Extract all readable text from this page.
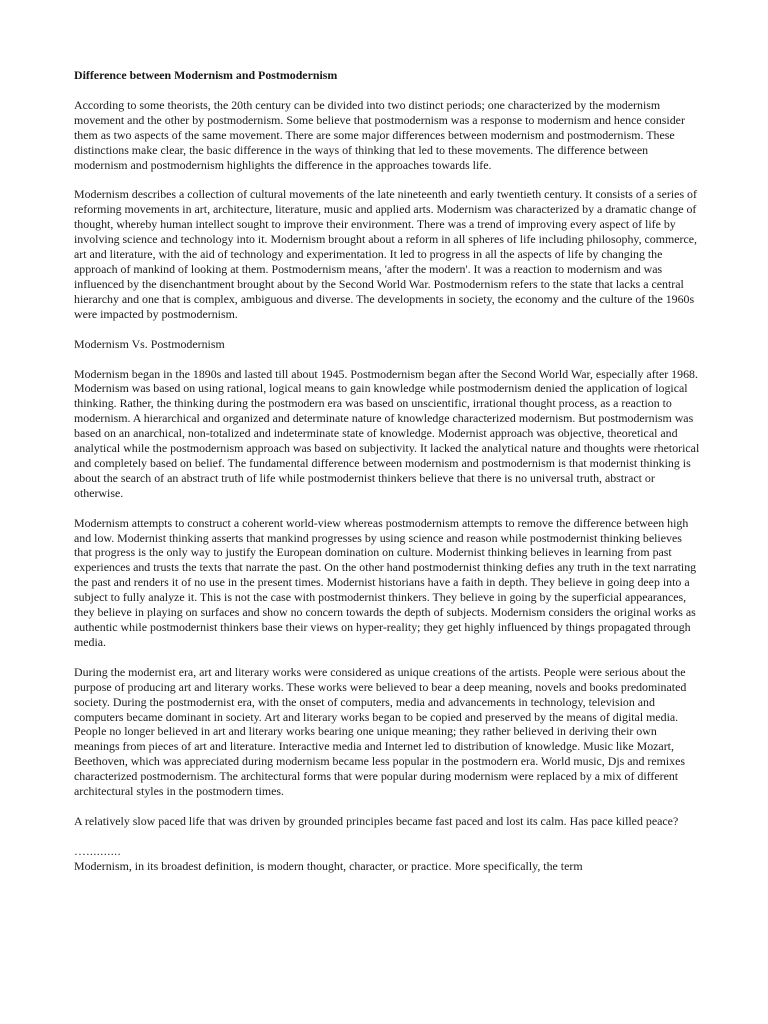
Difference between Modernism and Postmodernism

According to some theorists, the 20th century can be divided into two distinct periods; one characterized by the modernism movement and the other by postmodernism. Some believe that postmodernism was a response to modernism and hence consider them as two aspects of the same movement. There are some major differences between modernism and postmodernism. These distinctions make clear, the basic difference in the ways of thinking that led to these movements. The difference between modernism and postmodernism highlights the difference in the approaches towards life.

Modernism describes a collection of cultural movements of the late nineteenth and early twentieth century. It consists of a series of reforming movements in art, architecture, literature, music and applied arts. Modernism was characterized by a dramatic change of thought, whereby human intellect sought to improve their environment. There was a trend of improving every aspect of life by involving science and technology into it. Modernism brought about a reform in all spheres of life including philosophy, commerce, art and literature, with the aid of technology and experimentation. It led to progress in all the aspects of life by changing the approach of mankind of looking at them. Postmodernism means, 'after the modern'. It was a reaction to modernism and was influenced by the disenchantment brought about by the Second World War. Postmodernism refers to the state that lacks a central hierarchy and one that is complex, ambiguous and diverse. The developments in society, the economy and the culture of the 1960s were impacted by postmodernism.

Modernism Vs. Postmodernism

Modernism began in the 1890s and lasted till about 1945. Postmodernism began after the Second World War, especially after 1968. Modernism was based on using rational, logical means to gain knowledge while postmodernism denied the application of logical thinking. Rather, the thinking during the postmodern era was based on unscientific, irrational thought process, as a reaction to modernism. A hierarchical and organized and determinate nature of knowledge characterized modernism. But postmodernism was based on an anarchical, non-totalized and indeterminate state of knowledge. Modernist approach was objective, theoretical and analytical while the postmodernism approach was based on subjectivity. It lacked the analytical nature and thoughts were rhetorical and completely based on belief. The fundamental difference between modernism and postmodernism is that modernist thinking is about the search of an abstract truth of life while postmodernist thinkers believe that there is no universal truth, abstract or otherwise.

Modernism attempts to construct a coherent world-view whereas postmodernism attempts to remove the difference between high and low. Modernist thinking asserts that mankind progresses by using science and reason while postmodernist thinking believes that progress is the only way to justify the European domination on culture. Modernist thinking believes in learning from past experiences and trusts the texts that narrate the past. On the other hand postmodernist thinking defies any truth in the text narrating the past and renders it of no use in the present times. Modernist historians have a faith in depth. They believe in going deep into a subject to fully analyze it. This is not the case with postmodernist thinkers. They believe in going by the superficial appearances, they believe in playing on surfaces and show no concern towards the depth of subjects. Modernism considers the original works as authentic while postmodernist thinkers base their views on hyper-reality; they get highly influenced by things propagated through media.

During the modernist era, art and literary works were considered as unique creations of the artists. People were serious about the purpose of producing art and literary works. These works were believed to bear a deep meaning, novels and books predominated society. During the postmodernist era, with the onset of computers, media and advancements in technology, television and computers became dominant in society. Art and literary works began to be copied and preserved by the means of digital media. People no longer believed in art and literary works bearing one unique meaning; they rather believed in deriving their own meanings from pieces of art and literature. Interactive media and Internet led to distribution of knowledge. Music like Mozart, Beethoven, which was appreciated during modernism became less popular in the postmodern era. World music, Djs and remixes characterized postmodernism. The architectural forms that were popular during modernism were replaced by a mix of different architectural styles in the postmodern times.

A relatively slow paced life that was driven by grounded principles became fast paced and lost its calm. Has pace killed peace?

…..........
Modernism, in its broadest definition, is modern thought, character, or practice. More specifically, the term
